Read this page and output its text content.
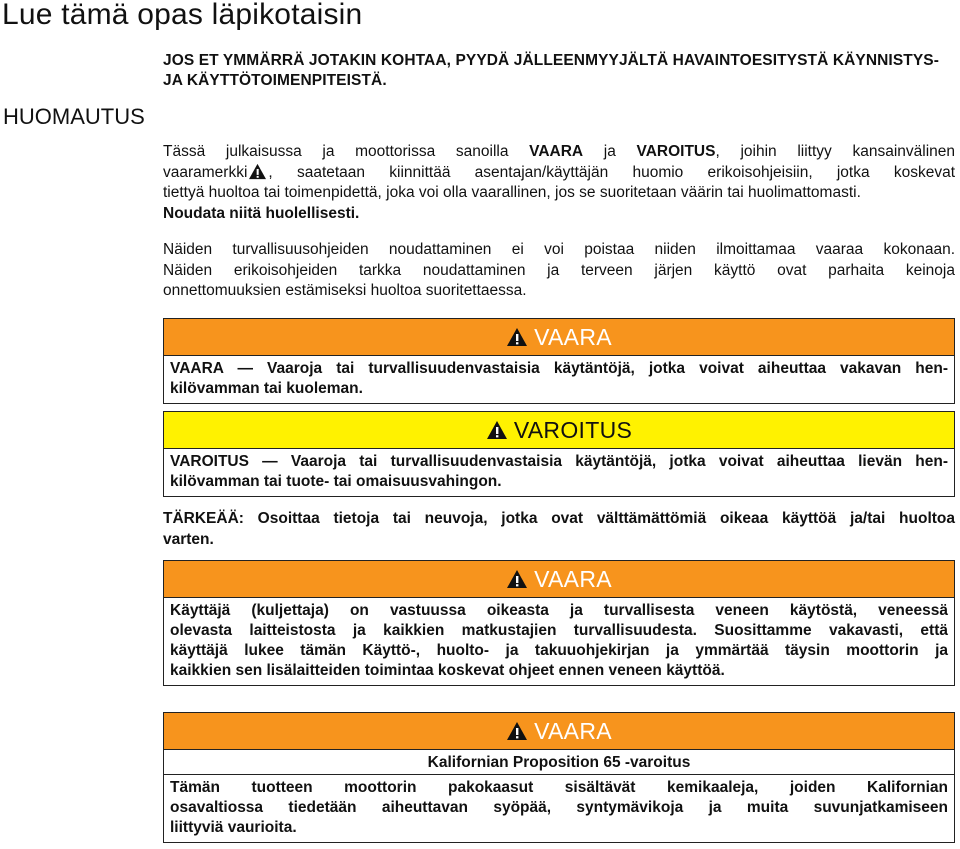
Lue tämä opas läpikotaisin

HUOMAUTUS

JOS ET YMMÄRRÄ JOTAKIN KOHTAA, PYYDÄ JÄLLEENMYYJÄLTÄ HAVAINTOESITYSTÄ KÄYNNISTYS- JA KÄYTTÖTOIMENPITEISTÄ.

Tässä julkaisussa ja moottorissa sanoilla VAARA ja VAROITUS, joihin liittyy kansainvälinen
vaaramerkki , saatetaan kiinnittää asentajan/käyttäjän huomio erikoisohjeisiin, jotka koskevat
tiettyä huoltoa tai toimenpidettä, joka voi olla vaarallinen, jos se suoritetaan väärin tai huolimattomasti.
Noudata niitä huolellisesti.
Näiden turvallisuusohjeiden noudattaminen ei voi poistaa niiden ilmoittamaa vaaraa kokonaan.
Näiden erikoisohjeiden tarkka noudattaminen ja terveen järjen käyttö ovat parhaita keinoja
onnettomuuksien estämiseksi huoltoa suoritettaessa.
VAARA
VAARA — Vaaroja tai turvallisuudenvastaisia käytäntöjä, jotka voivat aiheuttaa vakavan hen-
kilövamman tai kuoleman.
VAROITUS
VAROITUS — Vaaroja tai turvallisuudenvastaisia käytäntöjä, jotka voivat aiheuttaa lievän hen-
kilövamman tai tuote- tai omaisuusvahingon.
TÄRKEÄÄ: Osoittaa tietoja tai neuvoja, jotka ovat välttämättömiä oikeaa käyttöä ja/tai huoltoa
varten.
VAARA
Käyttäjä (kuljettaja) on vastuussa oikeasta ja turvallisesta veneen käytöstä, veneessä
olevasta laitteistosta ja kaikkien matkustajien turvallisuudesta. Suosittamme vakavasti, että
käyttäjä lukee tämän Käyttö-, huolto- ja takuuohjekirjan ja ymmärtää täysin moottorin ja
kaikkien sen lisälaitteiden toimintaa koskevat ohjeet ennen veneen käyttöä.
VAARA
Kalifornian Proposition 65 -varoitus
Tämän tuotteen moottorin pakokaasut sisältävät kemikaaleja, joiden Kalifornian
osavaltiossa tiedetään aiheuttavan syöpää, syntymävikoja ja muita suvunjatkamiseen
liittyviä vaurioita.
